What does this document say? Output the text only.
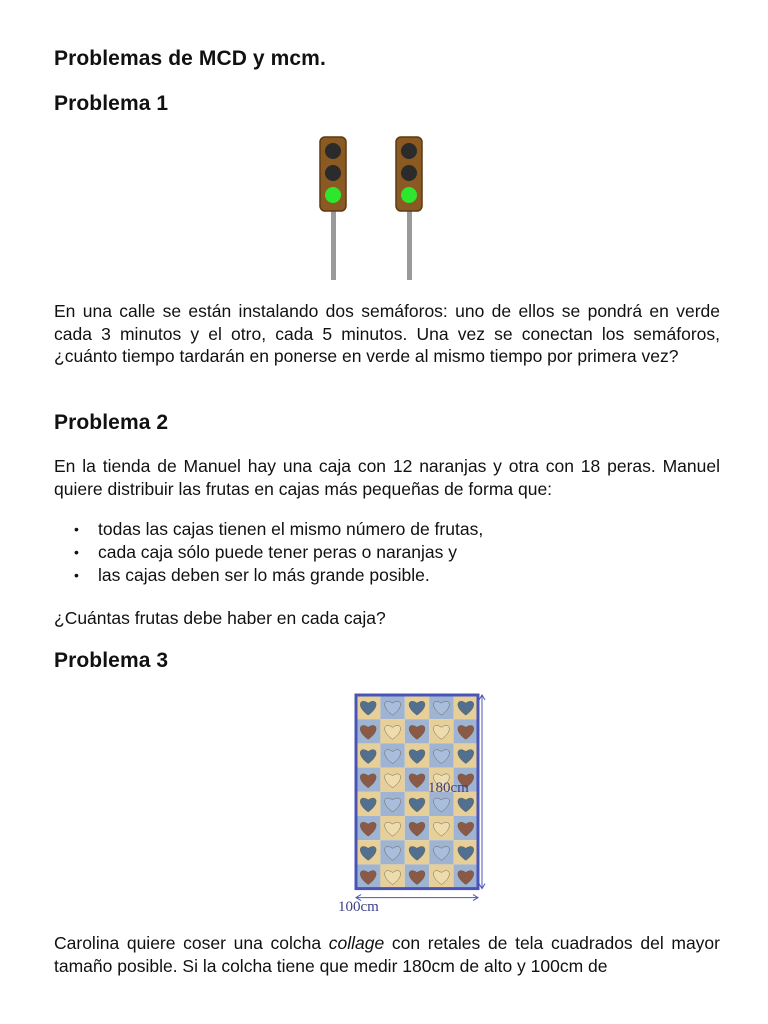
Problemas de MCD y mcm.
Problema 1

En una calle se están instalando dos semáforos: uno de ellos se pondrá en verde cada 3 minutos y el otro, cada 5 minutos. Una vez se conectan los semáforos, ¿cuánto tiempo tardarán en ponerse en verde al mismo tiempo por primera vez?

Problema 2

En la tienda de Manuel hay una caja con 12 naranjas y otra con 18 peras. Manuel quiere distribuir las frutas en cajas más pequeñas de forma que:

• todas las cajas tienen el mismo número de frutas,
• cada caja sólo puede tener peras o naranjas y
• las cajas deben ser lo más grande posible.

¿Cuántas frutas debe haber en cada caja?

Problema 3
180cm
100cm

Carolina quiere coser una colcha collage con retales de tela cuadrados del mayor tamaño posible. Si la colcha tiene que medir 180cm de alto y 100cm de
